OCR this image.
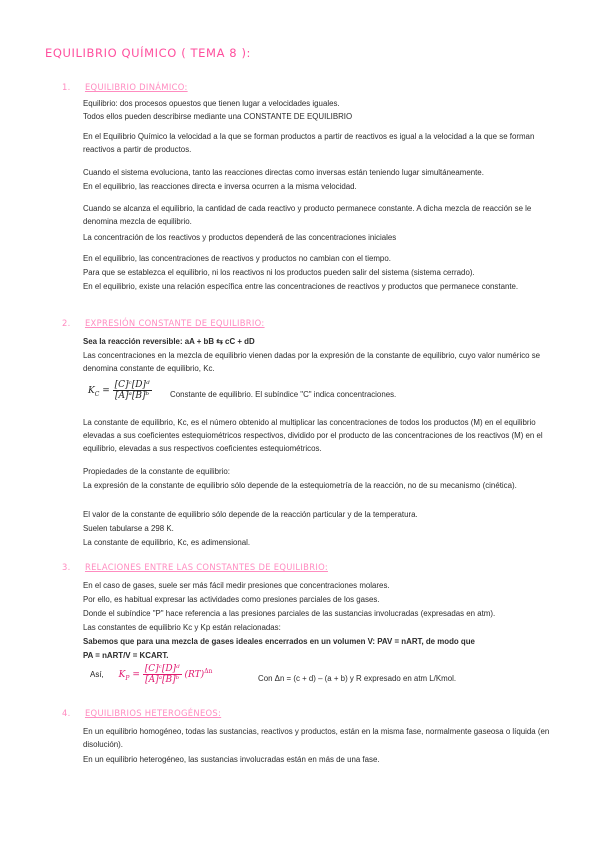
EQUILIBRIO QUÍMICO ( TEMA 8 ):
1. EQUILIBRIO DINÁMICO:
Equilibrio: dos procesos opuestos que tienen lugar a velocidades iguales.
Todos ellos pueden describirse mediante una CONSTANTE DE EQUILIBRIO
En el Equilibrio Químico la velocidad a la que se forman productos a partir de reactivos es igual a la velocidad a la que se forman reactivos a partir de productos.
Cuando el sistema evoluciona, tanto las reacciones directas como inversas están teniendo lugar simultáneamente.
En el equilibrio, las reacciones directa e inversa ocurren a la misma velocidad.
Cuando se alcanza el equilibrio, la cantidad de cada reactivo y producto permanece constante. A dicha mezcla de reacción se le denomina mezcla de equilibrio.
La concentración de los reactivos y productos dependerá de las concentraciones iniciales
En el equilibrio, las concentraciones de reactivos y productos no cambian con el tiempo.
Para que se establezca el equilibrio, ni los reactivos ni los productos pueden salir del sistema (sistema cerrado).
En el equilibrio, existe una relación específica entre las concentraciones de reactivos y productos que permanece constante.
2. EXPRESIÓN CONSTANTE DE EQUILIBRIO:
Sea la reacción reversible: aA + bB ⇆ cC + dD
Las concentraciones en la mezcla de equilibrio vienen dadas por la expresión de la constante de equilibrio, cuyo valor numérico se denomina constante de equilibrio, Kc.
$K_C = \frac{\text{[C]ᶜ[D]ᵈ}}{\text{[A]ᵃ[B]ᵇ}}$ Constante de equilibrio. El subíndice "C" indica concentraciones.
La constante de equilibrio, Kc, es el número obtenido al multiplicar las concentraciones de todos los productos (M) en el equilibrio elevadas a sus coeficientes estequiométricos respectivos, dividido por el producto de las concentraciones de los reactivos (M) en el equilibrio, elevadas a sus respectivos coeficientes estequiométricos.
Propiedades de la constante de equilibrio:
La expresión de la constante de equilibrio sólo depende de la estequiometría de la reacción, no de su mecanismo (cinética).
El valor de la constante de equilibrio sólo depende de la reacción particular y de la temperatura.
Suelen tabularse a 298 K.
La constante de equilibrio, Kc, es adimensional.
3. RELACIONES ENTRE LAS CONSTANTES DE EQUILIBRIO:
En el caso de gases, suele ser más fácil medir presiones que concentraciones molares.
Por ello, es habitual expresar las actividades como presiones parciales de los gases.
Donde el subíndice "P" hace referencia a las presiones parciales de las sustancias involucradas (expresadas en atm).
Las constantes de equilibrio Kc y Kp están relacionadas:
Sabemos que para una mezcla de gases ideales encerrados en un volumen V: PAV = nART, de modo que
PA = nART/V = KCART.
Así, $K_P = \frac{\text{[C]ᶜ[D]ᵈ}}{\text{[A]ᵃ[B]ᵇ}} (RT)^{\Delta n}$
Con Δn = (c + d) – (a + b) y R expresado en atm L/Kmol.
4. EQUILIBRIOS HETEROGÉNEOS:
En un equilibrio homogéneo, todas las sustancias, reactivos y productos, están en la misma fase, normalmente gaseosa o líquida (en disolución).
En un equilibrio heterogéneo, las sustancias involucradas están en más de una fase.
